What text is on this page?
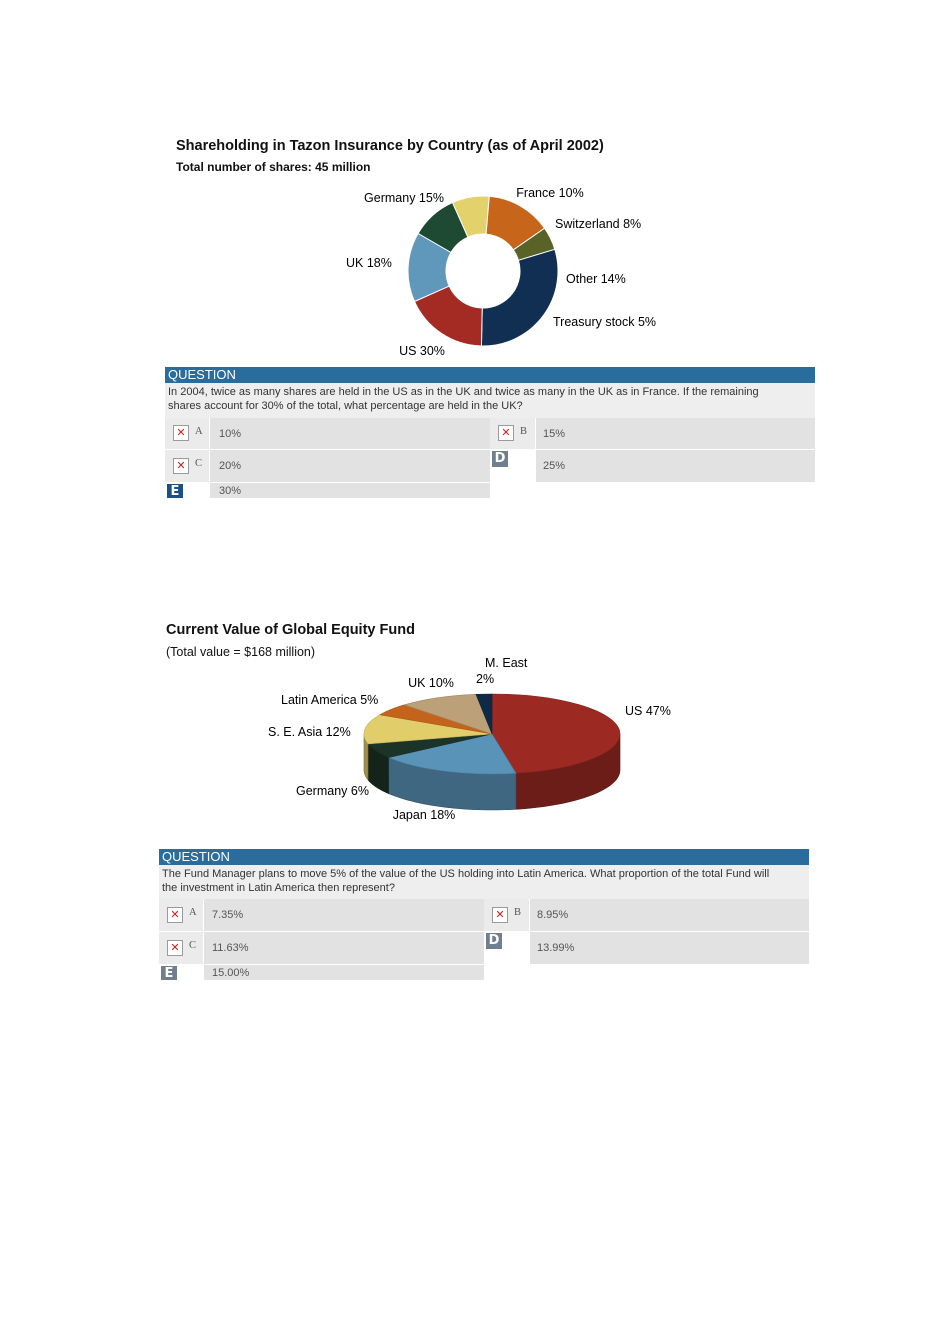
Shareholding in Tazon Insurance by Country (as of April 2002)
Total number of shares: 45 million
Germany 15%	France 10%
Switzerland 8%
Other 14%
Treasury stock 5%
US 30%
UK 18%
QUESTION
In 2004, twice as many shares are held in the US as in the UK and twice as many in the UK as in France. If the remaining
shares account for 30% of the total, what percentage are held in the UK?
✕ A 10%	✕ B 15%
✕ C 20%	D	25%
E	30%
Current Value of Global Equity Fund
(Total value = $168 million)
M. East
2%
UK 10%
Latin America 5%
S. E. Asia 12%
Germany 6%
Japan 18%
US 47%
QUESTION
The Fund Manager plans to move 5% of the value of the US holding into Latin America. What proportion of the total Fund will
the investment in Latin America then represent?
✕ A 7.35%	✕ B 8.95%
✕ C 11.63%	D	13.99%
E	15.00%
